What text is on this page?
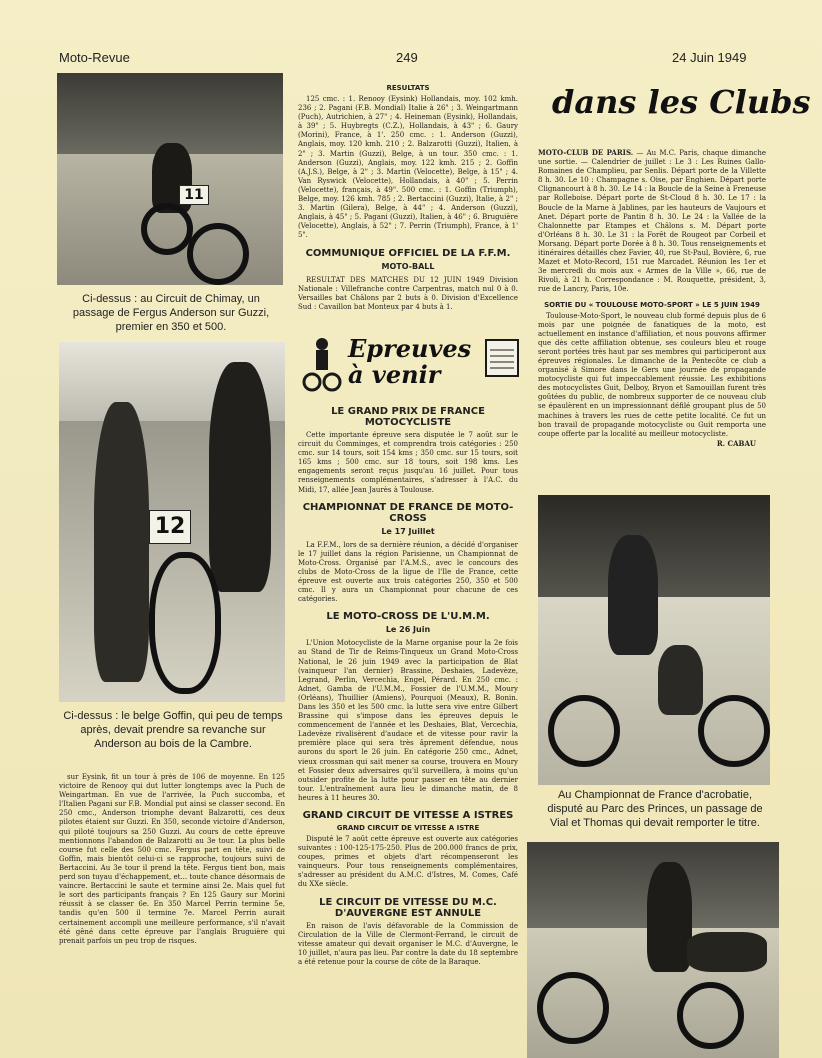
Moto-Revue	249	24 Juin 1949
11
Ci-dessus : au Circuit de Chimay, un passage de Fergus Anderson sur Guzzi, premier en 350 et 500.
12
Ci-dessus : le belge Goffin, qui peu de temps après, devait prendre sa revanche sur Anderson au bois de la Cambre.

sur Eysink, fit un tour à près de 106 de moyenne. En 125 victoire de Renooy qui dut lutter longtemps avec la Puch de Weingartman. En vue de l'arrivée, la Puch succomba, et l'Italien Pagani sur F.B. Mondial put ainsi se classer second. En 250 cmc., Anderson triomphe devant Balzarotti, ces deux pilotes étaient sur Guzzi. En 350, seconde victoire d'Anderson, qui piloté toujours sa 250 Guzzi. Au cours de cette épreuve mentionnons l'abandon de Balzarotti au 3e tour. La plus belle course fut celle des 500 cmc. Fergus part en tête, suivi de Goffin, mais bientôt celui-ci se rapproche, toujours suivi de Bertaccini. Au 3e tour il prend la tête. Fergus tient bon, mais perd son tuyau d'échappement, et... toute chance désormais de vaincre. Bertaccini le saute et termine ainsi 2e. Mais quel fut le sort des participants français ? En 125 Gaury sur Morini réussit à se classer 6e. En 350 Marcel Perrin termine 5e, tandis qu'en 500 il termine 7e. Marcel Perrin aurait certainement accompli une meilleure performance, s'il n'avait été gêné dans cette épreuve par l'anglais Bruguière qui prenait parfois un peu trop de risques.

RESULTATS

125 cmc. : 1. Renooy (Eysink) Hollandais, moy. 102 kmh. 236 ; 2. Pagani (F.B. Mondial) Italie à 26" ; 3. Weingartmann (Puch), Autrichien, à 27" ; 4. Heineman (Eysink), Hollandais, à 39" ; 5. Huybregts (C.Z.), Hollandais, à 43" ; 6. Gaury (Morini), France, à 1'. 250 cmc. : 1. Anderson (Guzzi), Anglais, moy. 120 kmh. 210 ; 2. Balzarotti (Guzzi), Italien, à 2" ; 3. Martin (Guzzi), Belge, à un tour. 350 cmc. : 1. Anderson (Guzzi), Anglais, moy. 122 kmh. 215 ; 2. Goffin (A.J.S.), Belge, à 2" ; 3. Martin (Velocette), Belge, à 15" ; 4. Van Ryswick (Velocette), Hollandais, à 40" ; 5. Perrin (Velocette), français, à 49". 500 cmc. : 1. Goffin (Triumph), Belge, moy. 126 kmh. 785 ; 2. Bertaccini (Guzzi), Italie, à 2" ; 3. Martin (Gilera), Belge, à 44" ; 4. Anderson (Guzzi), Anglais, à 45" ; 5. Pagani (Guzzi), Italien, à 46" ; 6. Bruguière (Velocette), Anglais, à 52" ; 7. Perrin (Triumph), France, à 1' 5".

COMMUNIQUE OFFICIEL DE LA F.F.M.
MOTO-BALL

RESULTAT DES MATCHES DU 12 JUIN 1949 Division Nationale : Villefranche contre Carpentras, match nul 0 à 0. Versailles bat Châlons par 2 buts à 0. Division d'Excellence Sud : Cavaillon bat Monteux par 4 buts à 1.

Epreuves à venir
LE GRAND PRIX DE FRANCE MOTOCYCLISTE

Cette importante épreuve sera disputée le 7 août sur le circuit du Comminges, et comprendra trois catégories : 250 cmc. sur 14 tours, soit 154 kms ; 350 cmc. sur 15 tours, soit 165 kms ; 500 cmc. sur 18 tours, soit 198 kms. Les engagements seront reçus jusqu'au 16 juillet. Pour tous renseignements complémentaires, s'adresser à l'A.C. du Midi, 17, allée Jean Jaurès à Toulouse.

CHAMPIONNAT DE FRANCE DE MOTO-CROSS
Le 17 Juillet

La F.F.M., lors de sa dernière réunion, a décidé d'organiser le 17 juillet dans la région Parisienne, un Championnat de Moto-Cross. Organisé par l'A.M.S., avec le concours des clubs de Moto-Cross de la ligue de l'Ile de France, cette épreuve est ouverte aux trois catégories 250, 350 et 500 cmc. Il y aura un Championnat pour chacune de ces catégories.

LE MOTO-CROSS DE L'U.M.M.
Le 26 Juin

L'Union Motocycliste de la Marne organise pour la 2e fois au Stand de Tir de Reims-Tinqueux un Grand Moto-Cross National, le 26 juin 1949 avec la participation de Blat (vainqueur l'an dernier) Brassine, Deshaies, Ladevèze, Legrand, Perlin, Vercechia, Engel, Pérard. En 250 cmc. : Adnet, Gamba de l'U.M.M., Fossier de l'U.M.M., Moury (Orléans), Thuillier (Amiens), Pourquoi (Meaux), R. Bonin. Dans les 350 et les 500 cmc. la lutte sera vive entre Gilbert Brassine qui s'impose dans les épreuves depuis le commencement de l'année et les Deshaies, Blat, Vercechia, Ladevèze rivalisèrent d'audace et de vitesse pour ravir la première place qui sera très âprement défendue, nous aurons du sport le 26 juin. En catégorie 250 cmc., Adnet, vieux crossman qui sait mener sa course, trouvera en Moury et Fossier deux adversaires qu'il surveillera, à moins qu'un outsider profite de la lutte pour passer en tête au dernier tour. L'entraînement aura lieu le dimanche matin, de 8 heures à 11 heures 30.

GRAND CIRCUIT DE VITESSE A ISTRES
GRAND CIRCUIT DE VITESSE A ISTRE

Disputé le 7 août cette épreuve est ouverte aux catégories suivantes : 100-125-175-250. Plus de 200.000 francs de prix, coupes, primes et objets d'art récompenseront les vainqueurs. Pour tous renseignements complémentaires, s'adresser au président du A.M.C. d'Istres, M. Comes, Café du XXe siècle.

LE CIRCUIT DE VITESSE DU M.C. D'AUVERGNE EST ANNULE

En raison de l'avis défavorable de la Commission de Circulation de la Ville de Clermont-Ferrand, le circuit de vitesse amateur qui devait organiser le M.C. d'Auvergne, le 10 juillet, n'aura pas lieu. Par contre la date du 18 septembre a été retenue pour la course de côte de la Baraque.

dans les Clubs

MOTO-CLUB DE PARIS. — Au M.C. Paris, chaque dimanche une sortie. — Calendrier de juillet : Le 3 : Les Ruines Gallo-Romaines de Champlieu, par Senlis. Départ porte de la Villette 8 h. 30. Le 10 : Champagne s. Oise, par Enghien. Départ porte Clignancourt à 8 h. 30. Le 14 : la Boucle de la Seine à Freneuse par Rolleboise. Départ porte de St-Cloud 8 h. 30. Le 17 : la Boucle de la Marne à Jablines, par les hauteurs de Vaujours et Anet. Départ porte de Pantin 8 h. 30. Le 24 : la Vallée de la Chalonnette par Etampes et Châlons s. M. Départ porte d'Orléans 8 h. 30. Le 31 : la Forêt de Rougeot par Corbeil et Morsang. Départ porte Dorée à 8 h. 30. Tous renseignements et itinéraires détaillés chez Favier, 40, rue St-Paul, Bovière, 6, rue Mazet et Moto-Record, 151 rue Marcadet. Réunion les 1er et 3e mercredi du mois aux « Armes de la Ville », 66, rue de Rivoli, à 21 h. Correspondance : M. Rouquette, président, 3, rue de Lancry, Paris, 10e.

SORTIE DU « TOULOUSE MOTO-SPORT » LE 5 JUIN 1949

Toulouse-Moto-Sport, le nouveau club formé depuis plus de 6 mois par une poignée de fanatiques de la moto, est actuellement en instance d'affiliation, et nous pouvons affirmer que dès cette affiliation obtenue, ses couleurs bleu et rouge seront portées très haut par ses membres qui participeront aux épreuves régionales. Le dimanche de la Pentecôte ce club a organisé à Simore dans le Gers une journée de propagande motocycliste qui fut impeccablement réussie. Les exhibitions des motocyclistes Guit, Delboy, Bryon et Samouillan furent très goûtées du public, de nombreux supporter de ce nouveau club se épaulèrent en un impressionnant défilé groupant plus de 50 machines à travers les rues de cette petite localité. Ce fut un bon travail de propagande motocycliste ou Guit remporta une coupe offerte par la localité au meilleur motocycliste.

R. CABAU
Au Championnat de France d'acrobatie, disputé au Parc des Princes, un passage de Vial et Thomas qui devait remporter le titre.
